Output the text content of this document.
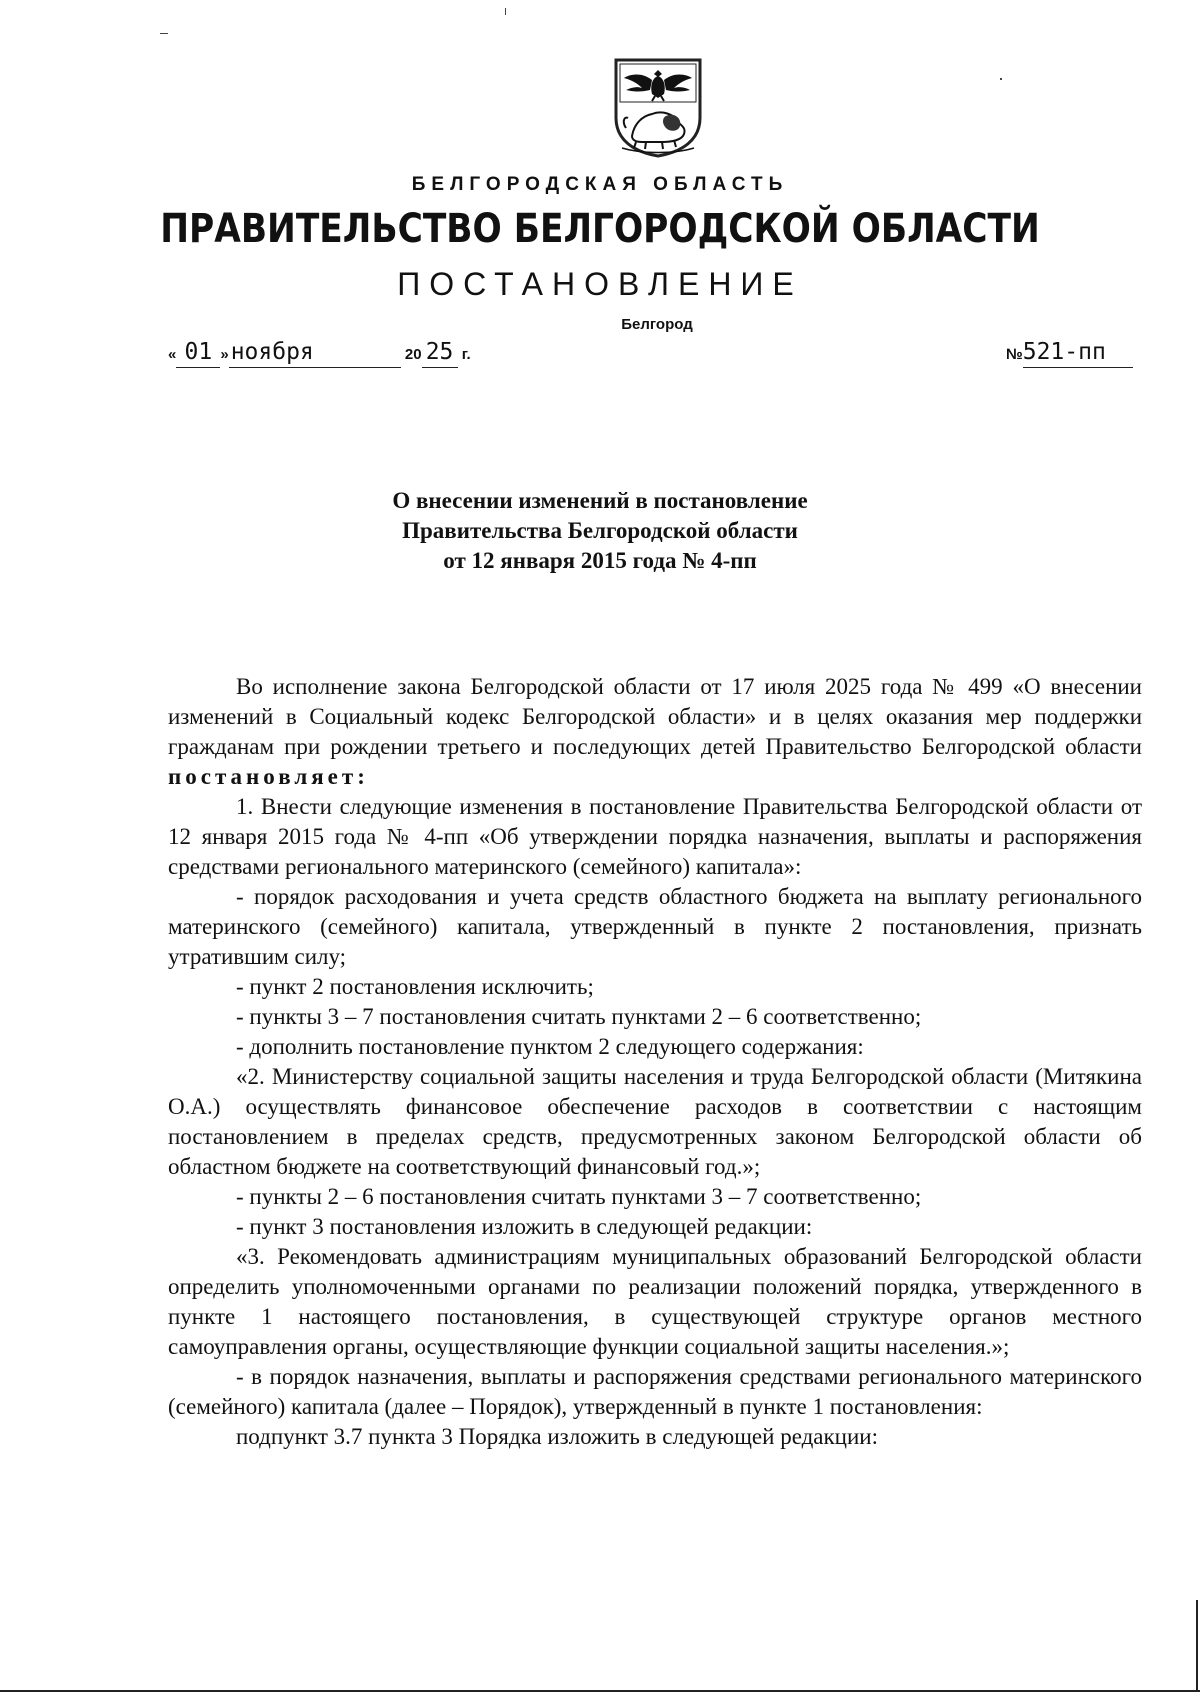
БЕЛГОРОДСКАЯ ОБЛАСТЬ
ПРАВИТЕЛЬСТВО БЕЛГОРОДСКОЙ ОБЛАСТИ
ПОСТАНОВЛЕНИЕ
Белгород
« 01 »ноября	20 25 г.	№521-пп
О внесении изменений в постановление
Правительства Белгородской области
от 12 января 2015 года № 4-пп

Во исполнение закона Белгородской области от 17 июля 2025 года № 499 «О внесении изменений в Социальный кодекс Белгородской области» и в целях оказания мер поддержки гражданам при рождении третьего и последующих детей Правительство Белгородской области постановляет:

1. Внести следующие изменения в постановление Правительства Белгородской области от 12 января 2015 года № 4-пп «Об утверждении порядка назначения, выплаты и распоряжения средствами регионального материнского (семейного) капитала»:

- порядок расходования и учета средств областного бюджета на выплату регионального материнского (семейного) капитала, утвержденный в пункте 2 постановления, признать утратившим силу;

- пункт 2 постановления исключить;

- пункты 3 – 7 постановления считать пунктами 2 – 6 соответственно;

- дополнить постановление пунктом 2 следующего содержания:

«2. Министерству социальной защиты населения и труда Белгородской области (Митякина О.А.) осуществлять финансовое обеспечение расходов в соответствии с настоящим постановлением в пределах средств, предусмотренных законом Белгородской области об областном бюджете на соответствующий финансовый год.»;

- пункты 2 – 6 постановления считать пунктами 3 – 7 соответственно;

- пункт 3 постановления изложить в следующей редакции:

«3. Рекомендовать администрациям муниципальных образований Белгородской области определить уполномоченными органами по реализации положений порядка, утвержденного в пункте 1 настоящего постановления, в существующей структуре органов местного самоуправления органы, осуществляющие функции социальной защиты населения.»;

- в порядок назначения, выплаты и распоряжения средствами регионального материнского (семейного) капитала (далее – Порядок), утвержденный в пункте 1 постановления:

подпункт 3.7 пункта 3 Порядка изложить в следующей редакции:
